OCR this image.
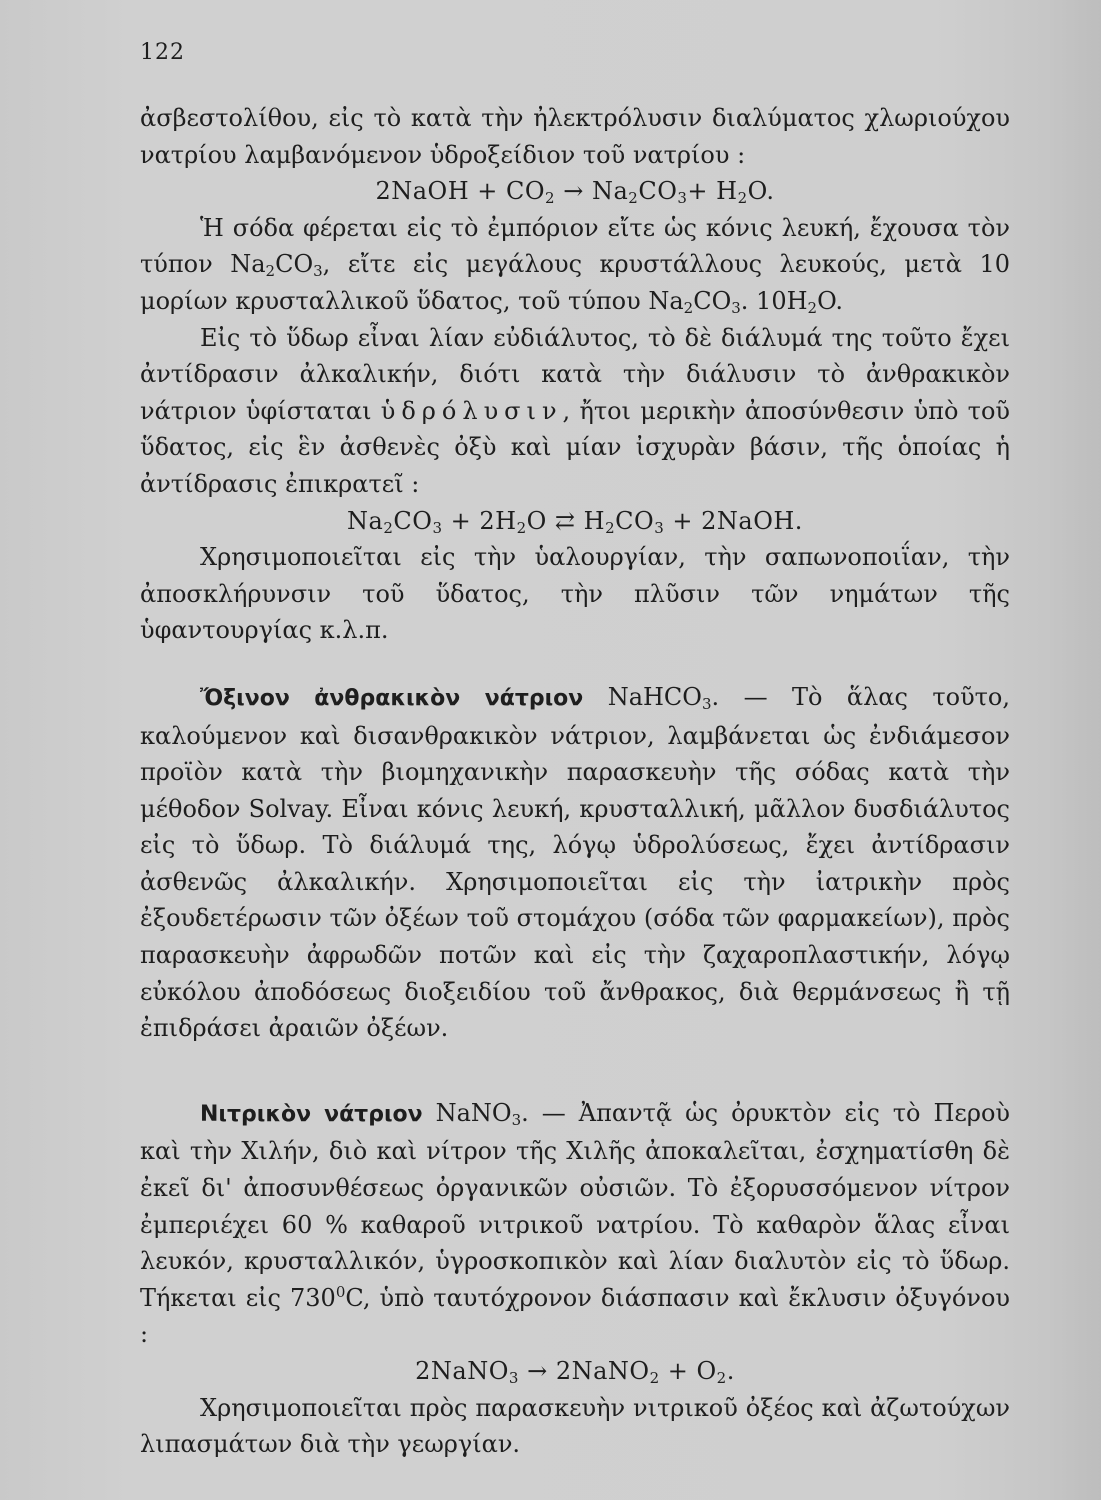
122

ἀσβεστολίθου, εἰς τὸ κατὰ τὴν ἠλεκτρόλυσιν διαλύματος χλωριούχου νατρίου λαμβανόμενον ὑδροξείδιον τοῦ νατρίου :

2NaOH + $CO_2 \to Na_2CO_3+ H_2O$.

Ἡ σόδα φέρεται εἰς τὸ ἐμπόριον εἴτε ὡς κόνις λευκή, ἔχουσα τὸν τύπον $Na_2CO_3$, εἴτε εἰς μεγάλους κρυστάλλους λευκούς, μετὰ 10 μορίων κρυσταλλικοῦ ὕδατος, τοῦ τύπου $Na_2CO_3$. $10H_2O$.

Εἰς τὸ ὕδωρ εἶναι λίαν εὐδιάλυτος, τὸ δὲ διάλυμά της τοῦτο ἔχει ἀντίδρασιν ἀλκαλικήν, διότι κατὰ τὴν διάλυσιν τὸ ἀνθρακικὸν νάτριον ὑφίσταται ὑδρόλυσιν, ἤτοι μερικὴν ἀποσύνθεσιν ὑπὸ τοῦ ὕδατος, εἰς ἓν ἀσθενὲς ὀξὺ καὶ μίαν ἰσχυρὰν βάσιν, τῆς ὁποίας ἡ ἀντίδρασις ἐπικρατεῖ :

$Na_2CO_3 + 2H_2O$ ⇄ $H_2CO_3$ + 2NaOH.

Χρησιμοποιεῖται εἰς τὴν ὑαλουργίαν, τὴν σαπωνοποιΐαν, τὴν ἀποσκλήρυνσιν τοῦ ὕδατος, τὴν πλῦσιν τῶν νημάτων τῆς ὑφαντουργίας κ.λ.π.

Ὄξινον ἀνθρακικὸν νάτριον NaHCO$_3$. — Τὸ ἅλας τοῦτο, καλούμενον καὶ δισανθρακικὸν νάτριον, λαμβάνεται ὡς ἐνδιάμεσον προϊὸν κατὰ τὴν βιομηχανικὴν παρασκευὴν τῆς σόδας κατὰ τὴν μέθοδον Solvay. Εἶναι κόνις λευκή, κρυσταλλική, μᾶλλον δυσδιάλυτος εἰς τὸ ὕδωρ. Τὸ διάλυμά της, λόγῳ ὑδρολύσεως, ἔχει ἀντίδρασιν ἀσθενῶς ἀλκαλικήν. Χρησιμοποιεῖται εἰς τὴν ἰατρικὴν πρὸς ἐξουδετέρωσιν τῶν ὀξέων τοῦ στομάχου (σόδα τῶν φαρμακείων), πρὸς παρασκευὴν ἀφρωδῶν ποτῶν καὶ εἰς τὴν ζαχαροπλαστικήν, λόγῳ εὐκόλου ἀποδόσεως διοξειδίου τοῦ ἄνθρακος, διὰ θερμάνσεως ἢ τῇ ἐπιδράσει ἀραιῶν ὀξέων.

Νιτρικὸν νάτριον NaNO$_3$. — Ἀπαντᾷ ὡς ὀρυκτὸν εἰς τὸ Περοὺ καὶ τὴν Χιλήν, διὸ καὶ νίτρον τῆς Χιλῆς ἀποκαλεῖται, ἐσχηματίσθη δὲ ἐκεῖ δι' ἀποσυνθέσεως ὀργανικῶν οὐσιῶν. Τὸ ἐξορυσσόμενον νίτρον ἐμπεριέχει 60 % καθαροῦ νιτρικοῦ νατρίου. Τὸ καθαρὸν ἅλας εἶναι λευκόν, κρυσταλλικόν, ὑγροσκοπικὸν καὶ λίαν διαλυτὸν εἰς τὸ ὕδωρ. Τήκεται εἰς $730^0C$, ὑπὸ ταυτόχρονον διάσπασιν καὶ ἔκλυσιν ὀξυγόνου :

2NaNO$_3$ → 2NaNO$_2$ + $O_2$.

Χρησιμοποιεῖται πρὸς παρασκευὴν νιτρικοῦ ὀξέος καὶ ἀζωτούχων λιπασμάτων διὰ τὴν γεωργίαν.
